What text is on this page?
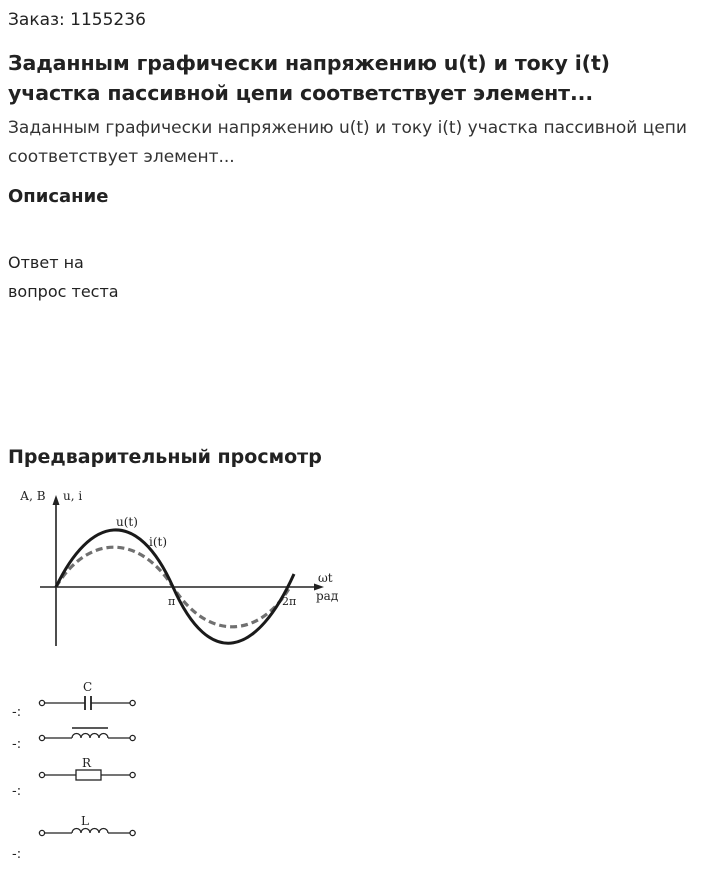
Заказ: 1155236
Заданным графически напряжению u(t) и току i(t) участка пассивной цепи соответствует элемент...
Заданным графически напряжению u(t) и току i(t) участка пассивной цепи соответствует элемент...
Описание
Ответ на
вопрос теста
Предварительный просмотр
А, В u, i
u(t)
i(t)
ωt
рад
π	2π
-:
C
-:
-:
R
-:
L
